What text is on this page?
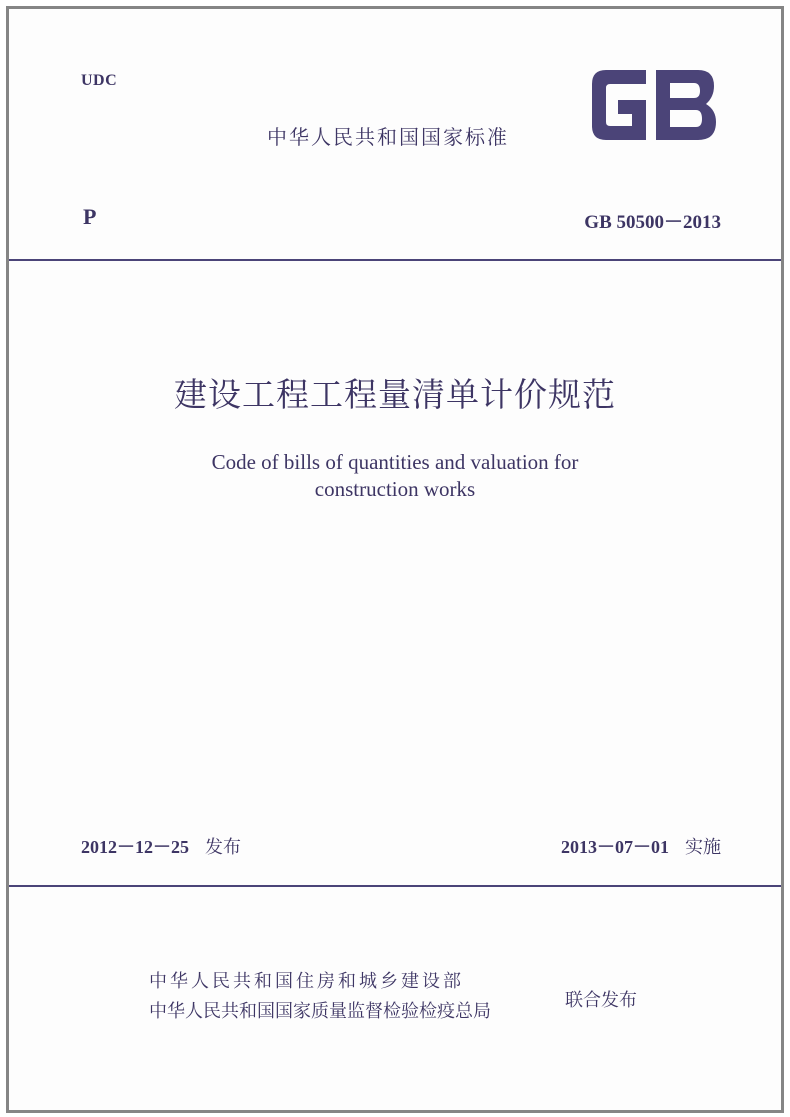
UDC
中华人民共和国国家标准
GB
P	GB 50500－2013
建设工程工程量清单计价规范
Code of bills of quantities and valuation for
construction works
2012－12－25 发布	2013－07－01 实施
中华人民共和国住房和城乡建设部
中华人民共和国国家质量监督检验检疫总局
联合发布
